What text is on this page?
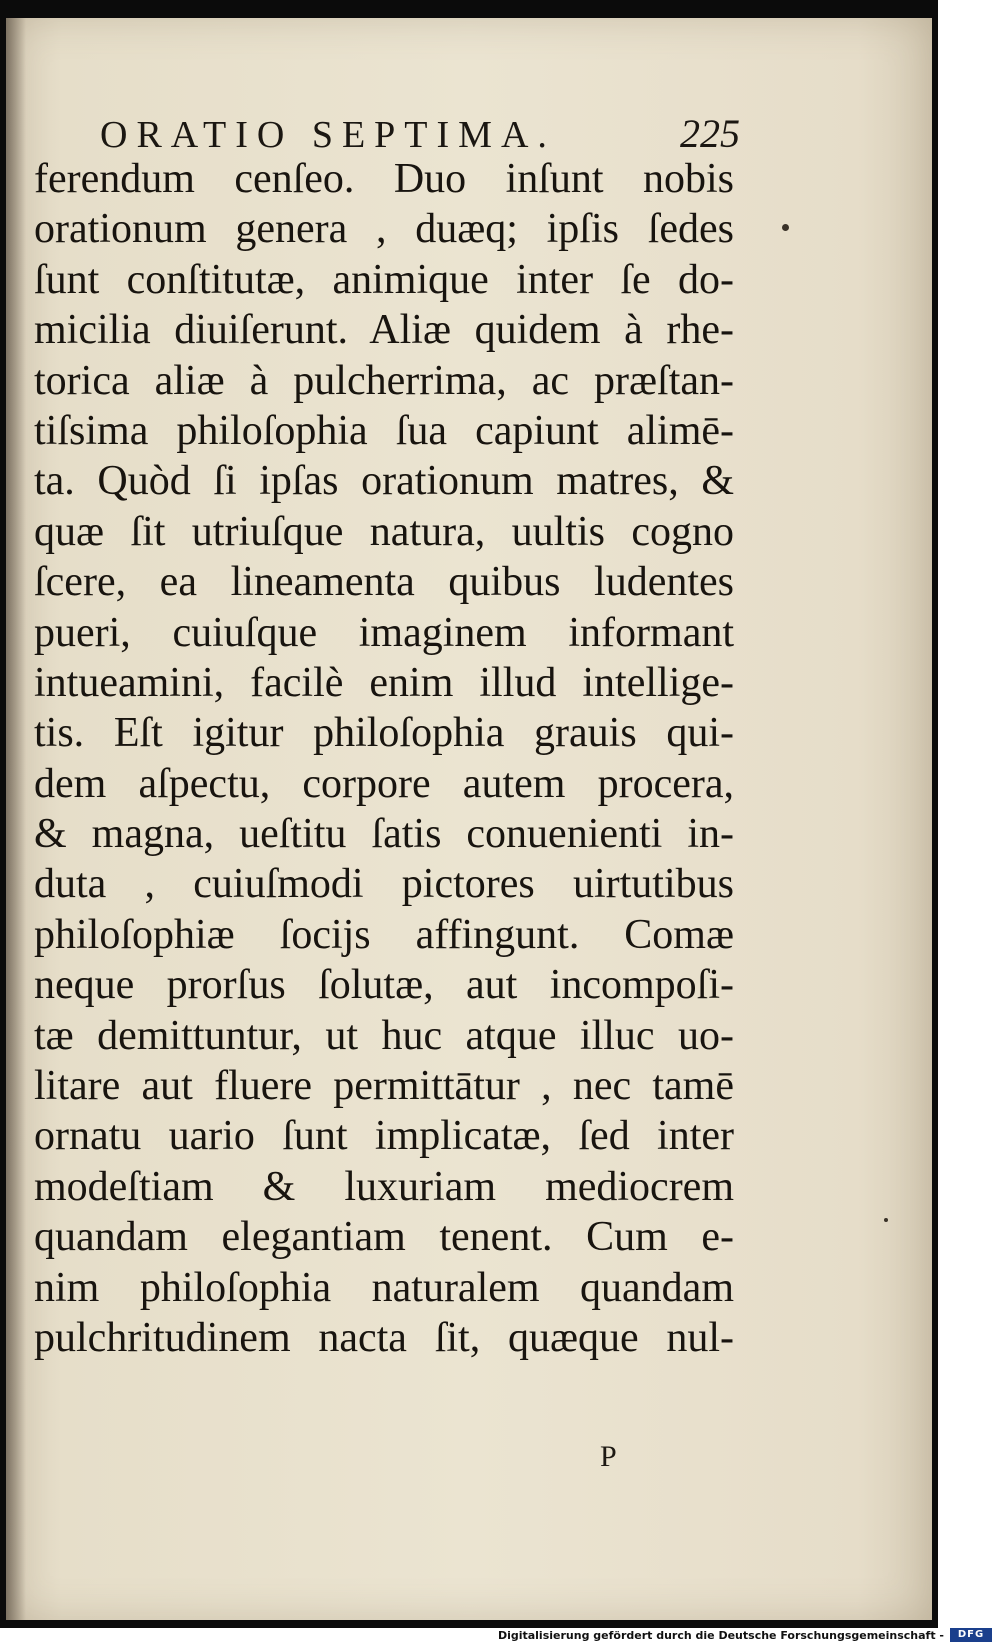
ORATIO SEPTIMA.	225
ferendum cenſeo. Duo inſunt nobis
orationum genera , duæq; ipſis ſedes
ſunt conſtitutæ, animique inter ſe do-
micilia diuiſerunt. Aliæ quidem à rhe-
torica aliæ à pulcherrima, ac præſtan-
tiſsima philoſophia ſua capiunt alimē-
ta. Quòd ſi ipſas orationum matres, &
quæ ſit utriuſque natura, uultis cogno
ſcere, ea lineamenta quibus ludentes
pueri, cuiuſque imaginem informant
intueamini, facilè enim illud intellige-
tis. Eſt igitur philoſophia grauis qui-
dem aſpectu, corpore autem procera,
& magna, ueſtitu ſatis conuenienti in-
duta , cuiuſmodi pictores uirtutibus
philoſophiæ ſocijs affingunt. Comæ
neque prorſus ſolutæ, aut incompoſi-
tæ demittuntur, ut huc atque illuc uo-
litare aut fluere permittātur , nec tamē
ornatu uario ſunt implicatæ, ſed inter
modeſtiam & luxuriam mediocrem
quandam elegantiam tenent. Cum e-
nim philoſophia naturalem quandam
pulchritudinem nacta ſit, quæque nul-
P
Digitalisierung gefördert durch die Deutsche Forschungsgemeinschaft -	DFG
